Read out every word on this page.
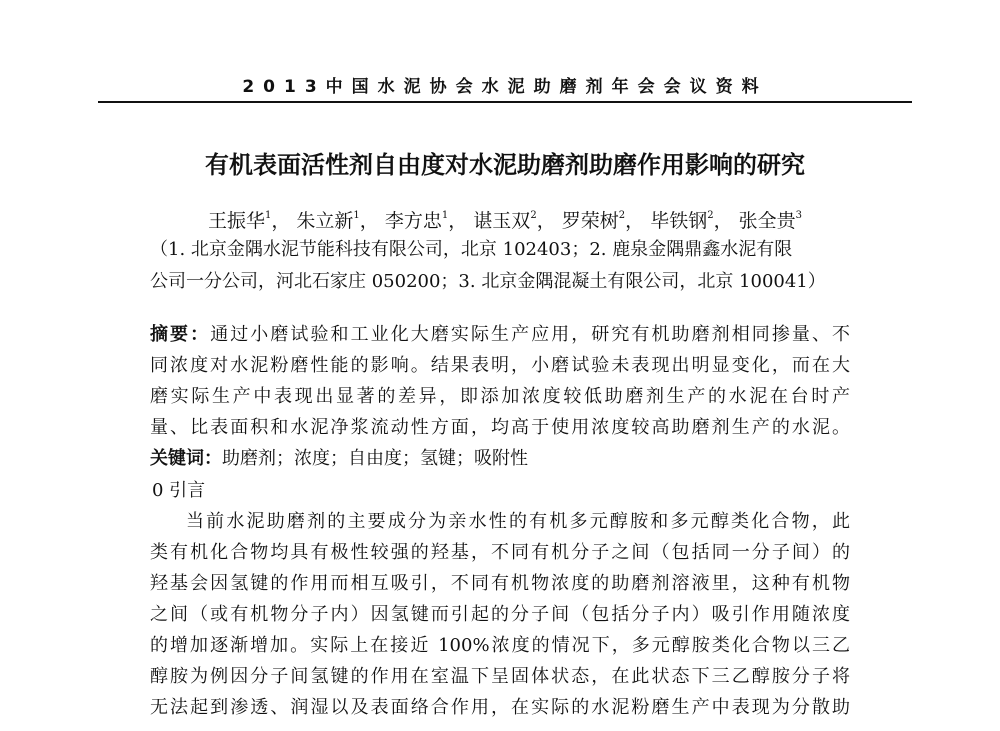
2013中国水泥协会水泥助磨剂年会会议资料
有机表面活性剂自由度对水泥助磨剂助磨作用影响的研究
王振华$^1$， 朱立新$^1$， 李方忠$^1$， 谌玉双$^2$， 罗荣树$^2$， 毕铁钢$^2$， 张全贵$^3$
（1. 北京金隅水泥节能科技有限公司，北京 102403；2. 鹿泉金隅鼎鑫水泥有限
公司一分公司，河北石家庄 050200；3. 北京金隅混凝土有限公司，北京 100041）
摘要：通过小磨试验和工业化大磨实际生产应用，研究有机助磨剂相同掺量、不
同浓度对水泥粉磨性能的影响。结果表明，小磨试验未表现出明显变化，而在大
磨实际生产中表现出显著的差异，即添加浓度较低助磨剂生产的水泥在台时产
量、比表面积和水泥净浆流动性方面，均高于使用浓度较高助磨剂生产的水泥。
关键词：助磨剂；浓度；自由度；氢键；吸附性
0 引言
当前水泥助磨剂的主要成分为亲水性的有机多元醇胺和多元醇类化合物，此
类有机化合物均具有极性较强的羟基，不同有机分子之间（包括同一分子间）的
羟基会因氢键的作用而相互吸引，不同有机物浓度的助磨剂溶液里，这种有机物
之间（或有机物分子内）因氢键而引起的分子间（包括分子内）吸引作用随浓度
的增加逐渐增加。实际上在接近 100%浓度的情况下，多元醇胺类化合物以三乙
醇胺为例因分子间氢键的作用在室温下呈固体状态，在此状态下三乙醇胺分子将
无法起到渗透、润湿以及表面络合作用，在实际的水泥粉磨生产中表现为分散助
